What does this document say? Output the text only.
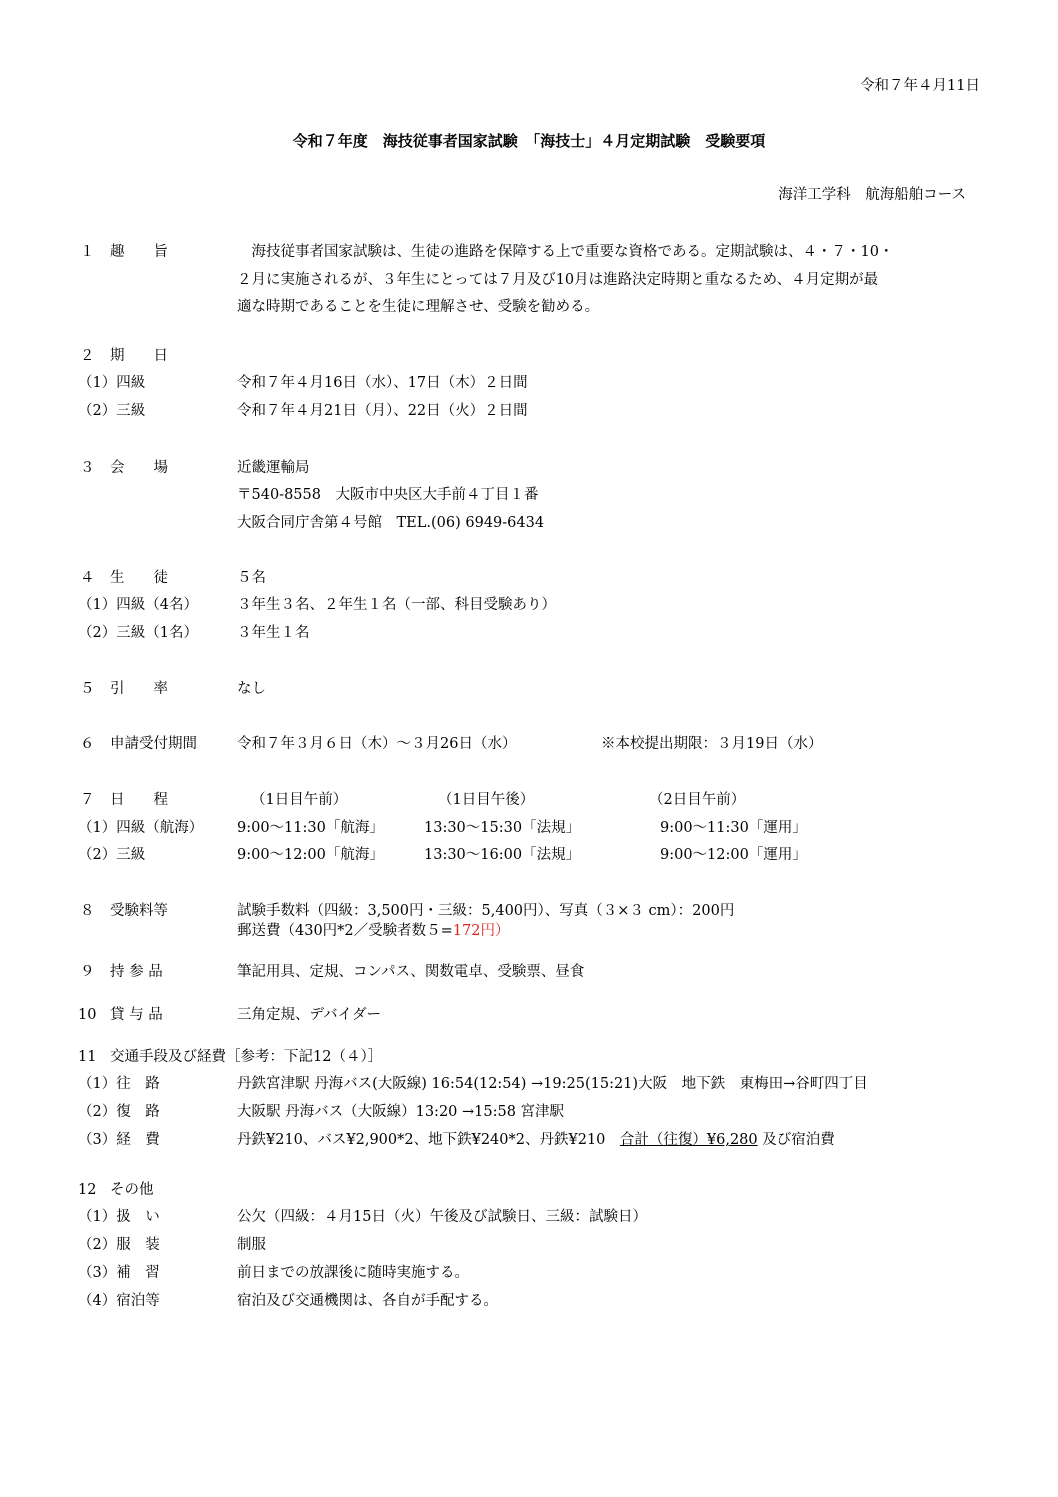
令和７年４月11日
令和７年度　海技従事者国家試験　「海技士」４月定期試験　受験要項
海洋工学科　航海船舶コース
１ 趣　　旨	　海技従事者国家試験は、生徒の進路を保障する上で重要な資格である。定期試験は、４・７・10・
２月に実施されるが、３年生にとっては７月及び10月は進路決定時期と重なるため、４月定期が最
適な時期であることを生徒に理解させ、受験を勧める。
２ 期　　日
（1）四級	令和７年４月16日（水）、17日（木）２日間
（2）三級	令和７年４月21日（月）、22日（火）２日間
３ 会　　場	近畿運輸局
〒540-8558　大阪市中央区大手前４丁目１番
大阪合同庁舎第４号館　TEL.(06) 6949-6434
４ 生　　徒	５名
（1）四級（4名）	３年生３名、２年生１名（一部、科目受験あり）
（2）三級（1名）	３年生１名
５ 引　　率	なし
６ 申請受付期間	令和７年３月６日（木）～３月26日（水）	※本校提出期限：３月19日（水）
７ 日　　程	（1日目午前）	（1日目午後）	（2日目午前）
（1）四級（航海） 9:00～11:30「航海」	13:30～15:30「法規」	9:00～11:30「運用」
（2）三級	9:00～12:00「航海」	13:30～16:00「法規」	9:00～12:00「運用」
８ 受験料等	試験手数料（四級：3,500円・三級：5,400円）、写真（３×３ cm）：200円
郵送費（430円*2／受験者数５=172円）
９ 持 参 品	筆記用具、定規、コンパス、関数電卓、受験票、昼食
10 貸 与 品	三角定規、デバイダー
11 交通手段及び経費［参考：下記12（４）］
（1）往　路	丹鉄宮津駅 丹海バス(大阪線) 16:54(12:54) →19:25(15:21)大阪　地下鉄　東梅田→谷町四丁目
（2）復　路	大阪駅 丹海バス（大阪線）13:20 →15:58 宮津駅
（3）経　費	丹鉄¥210、バス¥2,900*2、地下鉄¥240*2、丹鉄¥210　 合計（往復）¥6,280 及び宿泊費
12 その他
（1）扱　い	公欠（四級：４月15日（火）午後及び試験日、三級：試験日）
（2）服　装	制服
（3）補　習	前日までの放課後に随時実施する。
（4）宿泊等	宿泊及び交通機関は、各自が手配する。
